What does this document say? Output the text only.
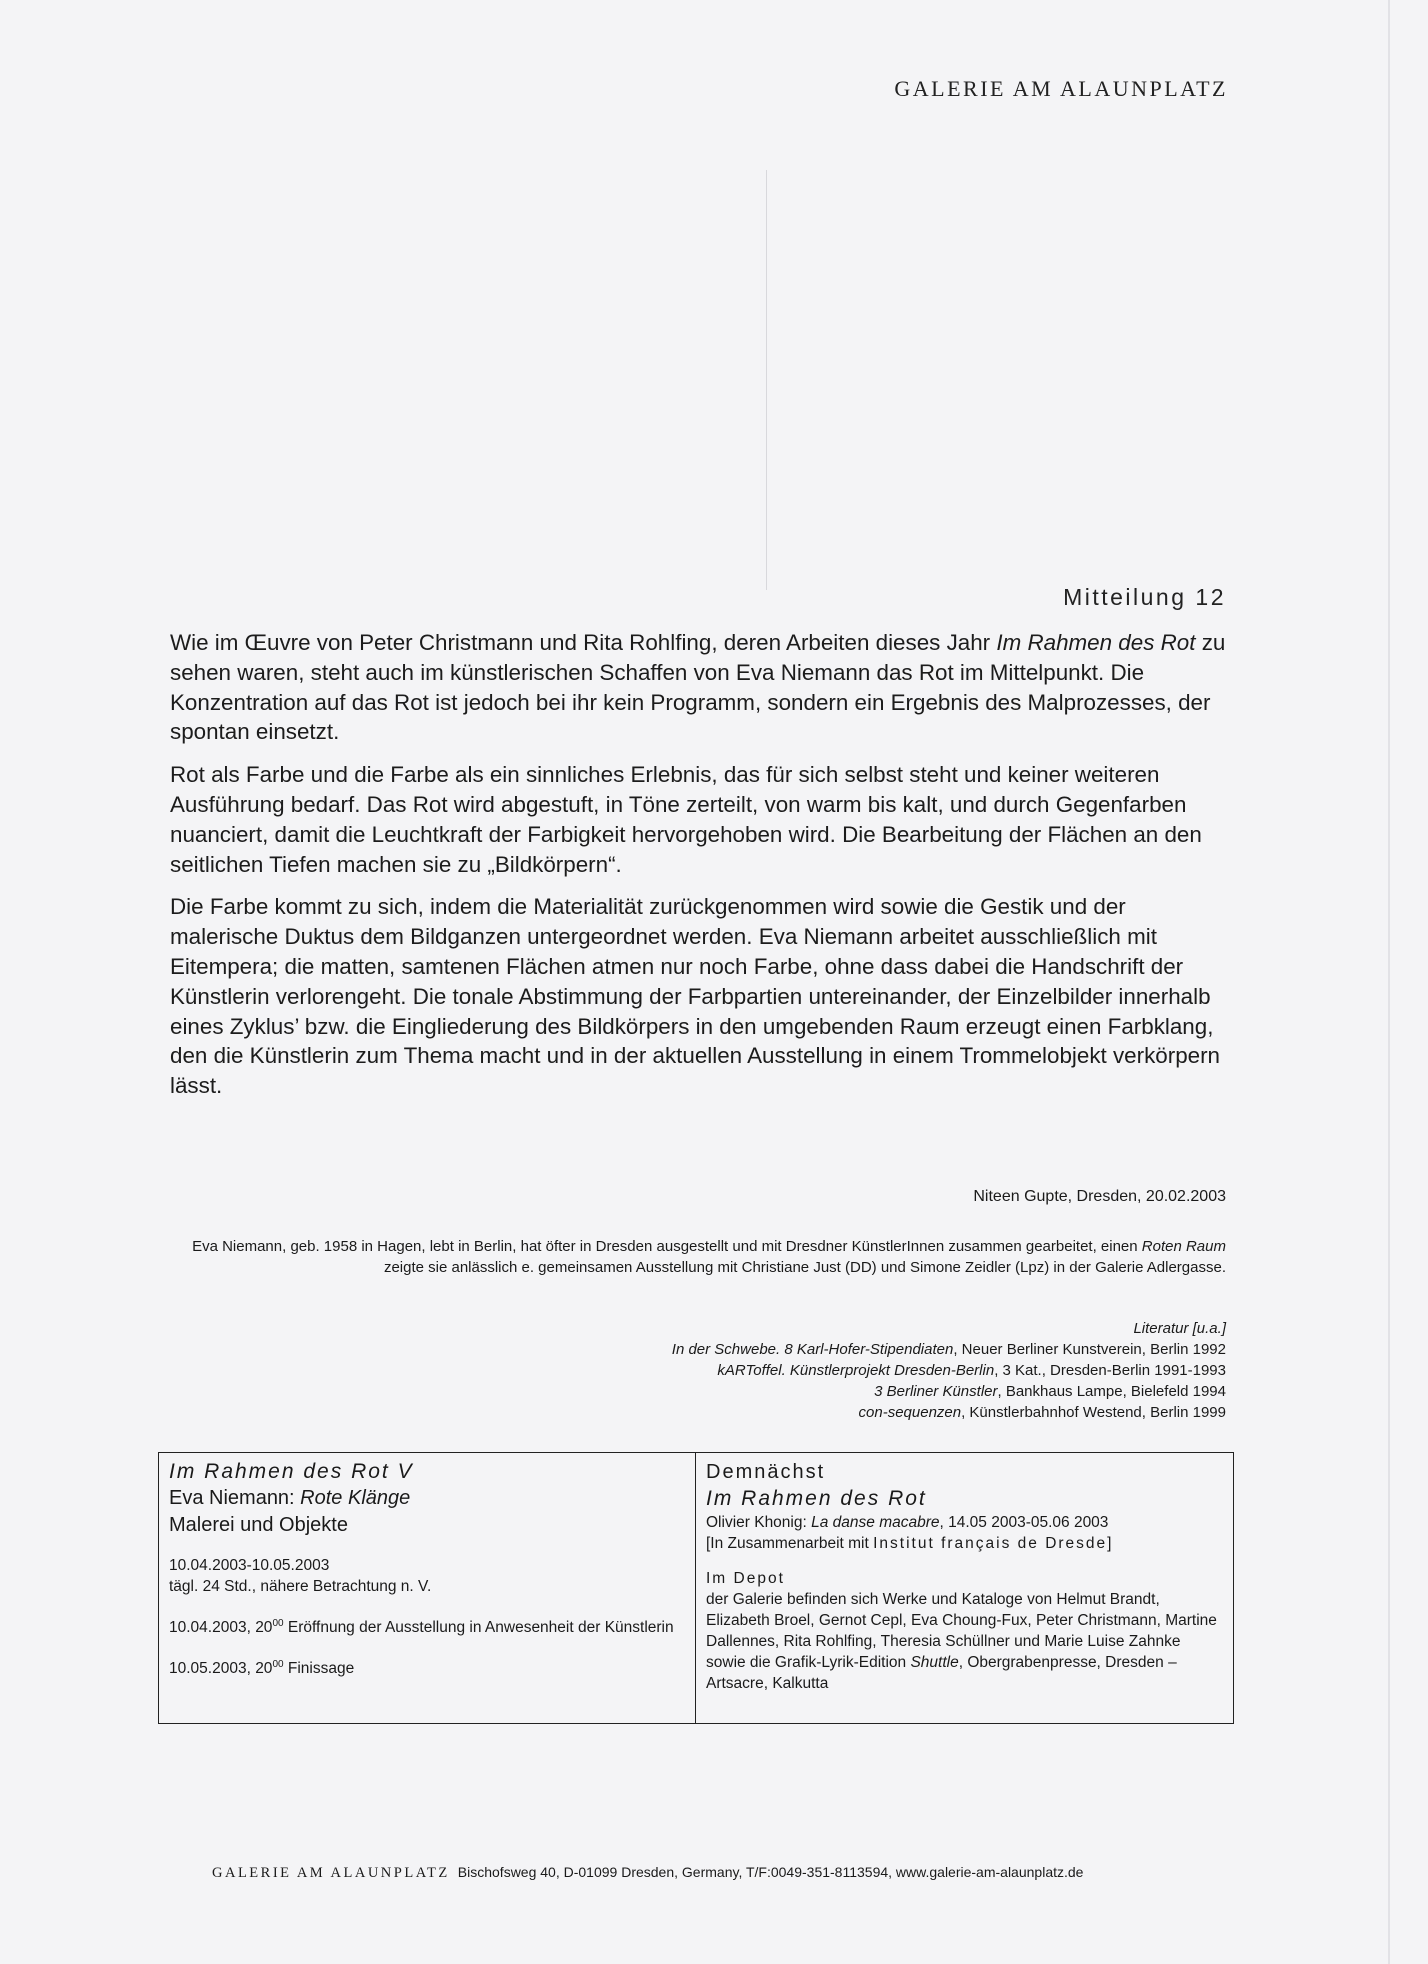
GALERIE AM ALAUNPLATZ
Mitteilung 12

Wie im Œuvre von Peter Christmann und Rita Rohlfing, deren Arbeiten dieses Jahr Im Rahmen des Rot zu sehen waren, steht auch im künstlerischen Schaffen von Eva Niemann das Rot im Mittelpunkt. Die Konzentration auf das Rot ist jedoch bei ihr kein Programm, sondern ein Ergebnis des Malprozesses, der spontan einsetzt.

Rot als Farbe und die Farbe als ein sinnliches Erlebnis, das für sich selbst steht und keiner weiteren Ausführung bedarf. Das Rot wird abgestuft, in Töne zerteilt, von warm bis kalt, und durch Gegenfarben nuanciert, damit die Leuchtkraft der Farbigkeit hervorgehoben wird. Die Bearbeitung der Flächen an den seitlichen Tiefen machen sie zu „Bildkörpern“.

Die Farbe kommt zu sich, indem die Materialität zurückgenommen wird sowie die Gestik und der malerische Duktus dem Bildganzen untergeordnet werden. Eva Niemann arbeitet ausschließlich mit Eitempera; die matten, samtenen Flächen atmen nur noch Farbe, ohne dass dabei die Handschrift der Künstlerin verlorengeht. Die tonale Abstimmung der Farbpartien untereinander, der Einzelbilder innerhalb eines Zyklus’ bzw. die Eingliederung des Bildkörpers in den umgebenden Raum erzeugt einen Farbklang, den die Künstlerin zum Thema macht und in der aktuellen Ausstellung in einem Trommelobjekt verkörpern lässt.

Niteen Gupte, Dresden, 20.02.2003
Eva Niemann, geb. 1958 in Hagen, lebt in Berlin, hat öfter in Dresden ausgestellt und mit Dresdner KünstlerInnen zusammen gearbeitet, einen Roten Raum zeigte sie anlässlich e. gemeinsamen Ausstellung mit Christiane Just (DD) und Simone Zeidler (Lpz) in der Galerie Adlergasse.
Literatur [u.a.]
In der Schwebe. 8 Karl-Hofer-Stipendiaten, Neuer Berliner Kunstverein, Berlin 1992
kARToffel. Künstlerprojekt Dresden-Berlin, 3 Kat., Dresden-Berlin 1991-1993
3 Berliner Künstler, Bankhaus Lampe, Bielefeld 1994
con-sequenzen, Künstlerbahnhof Westend, Berlin 1999
Im Rahmen des Rot V
Eva Niemann: Rote Klänge
Malerei und Objekte
10.04.2003-10.05.2003
tägl. 24 Std., nähere Betrachtung n. V.
10.04.2003, $20^{00}$ Eröffnung der Ausstellung in Anwesenheit der Künstlerin
10.05.2003, $20^{00}$ Finissage
Demnächst
Im Rahmen des Rot
Olivier Khonig: La danse macabre, 14.05 2003-05.06 2003
[In Zusammenarbeit mit Institut français de Dresde]
Im Depot
der Galerie befinden sich Werke und Kataloge von Helmut Brandt, Elizabeth Broel, Gernot Cepl, Eva Choung-Fux, Peter Christmann, Martine Dallennes, Rita Rohlfing, Theresia Schüllner und Marie Luise Zahnke sowie die Grafik-Lyrik-Edition Shuttle, Obergrabenpresse, Dresden – Artsacre, Kalkutta
GALERIE AM ALAUNPLATZ Bischofsweg 40, D-01099 Dresden, Germany, T/F:0049-351-8113594, www.galerie-am-alaunplatz.de
